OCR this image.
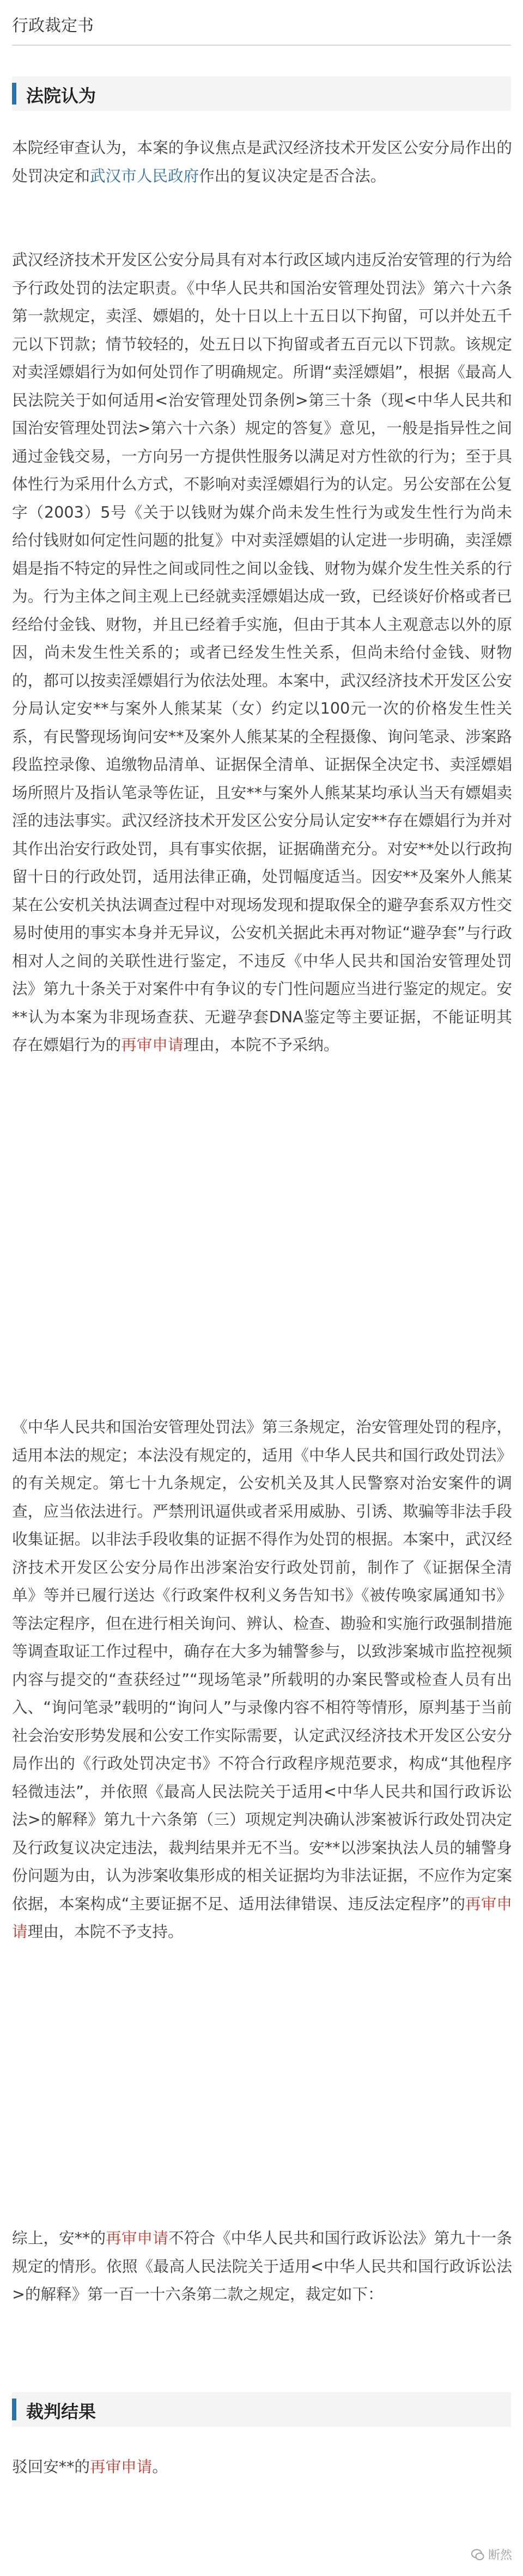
行政裁定书
法院认为

本院经审查认为，本案的争议焦点是武汉经济技术开发区公安分局作出的处罚决定和武汉市人民政府作出的复议决定是否合法。

武汉经济技术开发区公安分局具有对本行政区域内违反治安管理的行为给予行政处罚的法定职责。《中华人民共和国治安管理处罚法》第六十六条第一款规定，卖淫、嫖娼的，处十日以上十五日以下拘留，可以并处五千元以下罚款；情节较轻的，处五日以下拘留或者五百元以下罚款。该规定对卖淫嫖娼行为如何处罚作了明确规定。所谓“卖淫嫖娼”，根据《最高人民法院关于如何适用<治安管理处罚条例>第三十条（现<中华人民共和国治安管理处罚法>第六十六条）规定的答复》意见，一般是指异性之间通过金钱交易，一方向另一方提供性服务以满足对方性欲的行为；至于具体性行为采用什么方式，不影响对卖淫嫖娼行为的认定。另公安部在公复字（2003）5号《关于以钱财为媒介尚未发生性行为或发生性行为尚未给付钱财如何定性问题的批复》中对卖淫嫖娼的认定进一步明确，卖淫嫖娼是指不特定的异性之间或同性之间以金钱、财物为媒介发生性关系的行为。行为主体之间主观上已经就卖淫嫖娼达成一致，已经谈好价格或者已经给付金钱、财物，并且已经着手实施，但由于其本人主观意志以外的原因，尚未发生性关系的；或者已经发生性关系，但尚未给付金钱、财物的，都可以按卖淫嫖娼行为依法处理。本案中，武汉经济技术开发区公安分局认定安**与案外人熊某某（女）约定以100元一次的价格发生性关系，有民警现场询问安**及案外人熊某某的全程摄像、询问笔录、涉案路段监控录像、追缴物品清单、证据保全清单、证据保全决定书、卖淫嫖娼场所照片及指认笔录等佐证，且安**与案外人熊某某均承认当天有嫖娼卖淫的违法事实。武汉经济技术开发区公安分局认定安**存在嫖娼行为并对其作出治安行政处罚，具有事实依据，证据确凿充分。对安**处以行政拘留十日的行政处罚，适用法律正确，处罚幅度适当。因安**及案外人熊某某在公安机关执法调查过程中对现场发现和提取保全的避孕套系双方性交易时使用的事实本身并无异议，公安机关据此未再对物证“避孕套”与行政相对人之间的关联性进行鉴定，不违反《中华人民共和国治安管理处罚法》第九十条关于对案件中有争议的专门性问题应当进行鉴定的规定。安**认为本案为非现场查获、无避孕套DNA鉴定等主要证据，不能证明其存在嫖娼行为的再审申请理由，本院不予采纳。

《中华人民共和国治安管理处罚法》第三条规定，治安管理处罚的程序，适用本法的规定；本法没有规定的，适用《中华人民共和国行政处罚法》的有关规定。第七十九条规定，公安机关及其人民警察对治安案件的调查，应当依法进行。严禁刑讯逼供或者采用威胁、引诱、欺骗等非法手段收集证据。以非法手段收集的证据不得作为处罚的根据。本案中，武汉经济技术开发区公安分局作出涉案治安行政处罚前，制作了《证据保全清单》等并已履行送达《行政案件权利义务告知书》《被传唤家属通知书》等法定程序，但在进行相关询问、辨认、检查、勘验和实施行政强制措施等调查取证工作过程中，确存在大多为辅警参与，以致涉案城市监控视频内容与提交的“查获经过”“现场笔录”所载明的办案民警或检查人员有出入、“询问笔录”载明的“询问人”与录像内容不相符等情形，原判基于当前社会治安形势发展和公安工作实际需要，认定武汉经济技术开发区公安分局作出的《行政处罚决定书》不符合行政程序规范要求，构成“其他程序轻微违法”，并依照《最高人民法院关于适用<中华人民共和国行政诉讼法>的解释》第九十六条第（三）项规定判决确认涉案被诉行政处罚决定及行政复议决定违法，裁判结果并无不当。安**以涉案执法人员的辅警身份问题为由，认为涉案收集形成的相关证据均为非法证据，不应作为定案依据，本案构成“主要证据不足、适用法律错误、违反法定程序”的再审申请理由，本院不予支持。

综上，安**的再审申请不符合《中华人民共和国行政诉讼法》第九十一条规定的情形。依照《最高人民法院关于适用<中华人民共和国行政诉讼法>的解释》第一百一十六条第二款之规定，裁定如下：

裁判结果

驳回安**的再审申请。

断然
